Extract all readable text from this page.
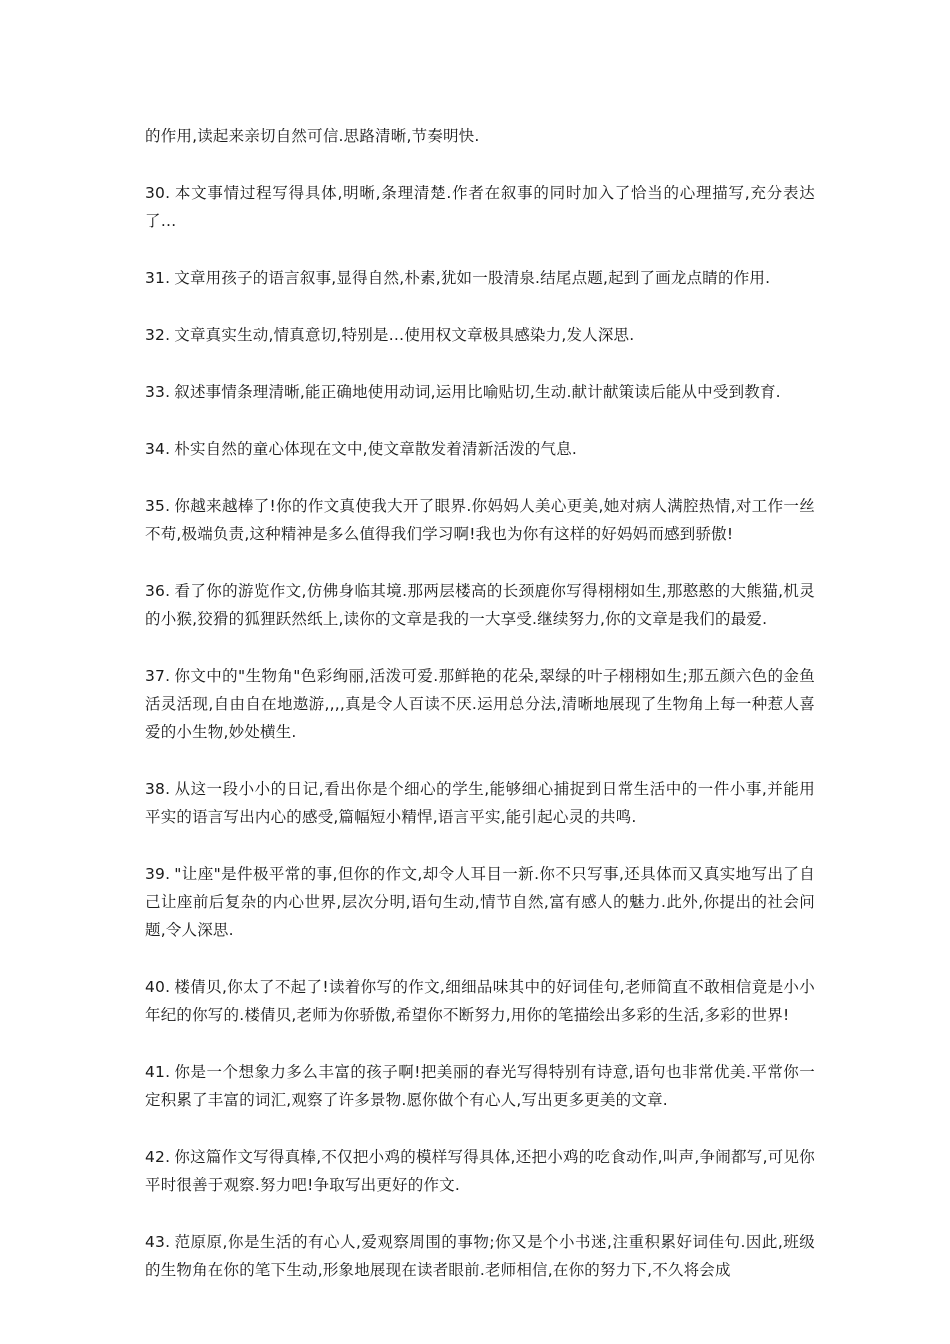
的作用,读起来亲切自然可信.思路清晰,节奏明快.

30. 本文事情过程写得具体,明晰,条理清楚.作者在叙事的同时加入了恰当的心理描写,充分表达了…

31. 文章用孩子的语言叙事,显得自然,朴素,犹如一股清泉.结尾点题,起到了画龙点睛的作用.

32. 文章真实生动,情真意切,特别是…使用权文章极具感染力,发人深思.

33. 叙述事情条理清晰,能正确地使用动词,运用比喻贴切,生动.献计献策读后能从中受到教育.

34. 朴实自然的童心体现在文中,使文章散发着清新活泼的气息.

35. 你越来越棒了!你的作文真使我大开了眼界.你妈妈人美心更美,她对病人满腔热情,对工作一丝不苟,极端负责,这种精神是多么值得我们学习啊!我也为你有这样的好妈妈而感到骄傲!

36. 看了你的游览作文,仿佛身临其境.那两层楼高的长颈鹿你写得栩栩如生,那憨憨的大熊猫,机灵的小猴,狡猾的狐狸跃然纸上,读你的文章是我的一大享受.继续努力,你的文章是我们的最爱.

37. 你文中的"生物角"色彩绚丽,活泼可爱.那鲜艳的花朵,翠绿的叶子栩栩如生;那五颜六色的金鱼活灵活现,自由自在地遨游,,,,真是令人百读不厌.运用总分法,清晰地展现了生物角上每一种惹人喜爱的小生物,妙处横生.

38. 从这一段小小的日记,看出你是个细心的学生,能够细心捕捉到日常生活中的一件小事,并能用平实的语言写出内心的感受,篇幅短小精悍,语言平实,能引起心灵的共鸣.

39. "让座"是件极平常的事,但你的作文,却令人耳目一新.你不只写事,还具体而又真实地写出了自己让座前后复杂的内心世界,层次分明,语句生动,情节自然,富有感人的魅力.此外,你提出的社会问题,令人深思.

40. 楼倩贝,你太了不起了!读着你写的作文,细细品味其中的好词佳句,老师简直不敢相信竟是小小年纪的你写的.楼倩贝,老师为你骄傲,希望你不断努力,用你的笔描绘出多彩的生活,多彩的世界!

41. 你是一个想象力多么丰富的孩子啊!把美丽的春光写得特别有诗意,语句也非常优美.平常你一定积累了丰富的词汇,观察了许多景物.愿你做个有心人,写出更多更美的文章.

42. 你这篇作文写得真棒,不仅把小鸡的模样写得具体,还把小鸡的吃食动作,叫声,争闹都写,可见你平时很善于观察.努力吧!争取写出更好的作文.

43. 范原原,你是生活的有心人,爱观察周围的事物;你又是个小书迷,注重积累好词佳句.因此,班级的生物角在你的笔下生动,形象地展现在读者眼前.老师相信,在你的努力下,不久将会成
